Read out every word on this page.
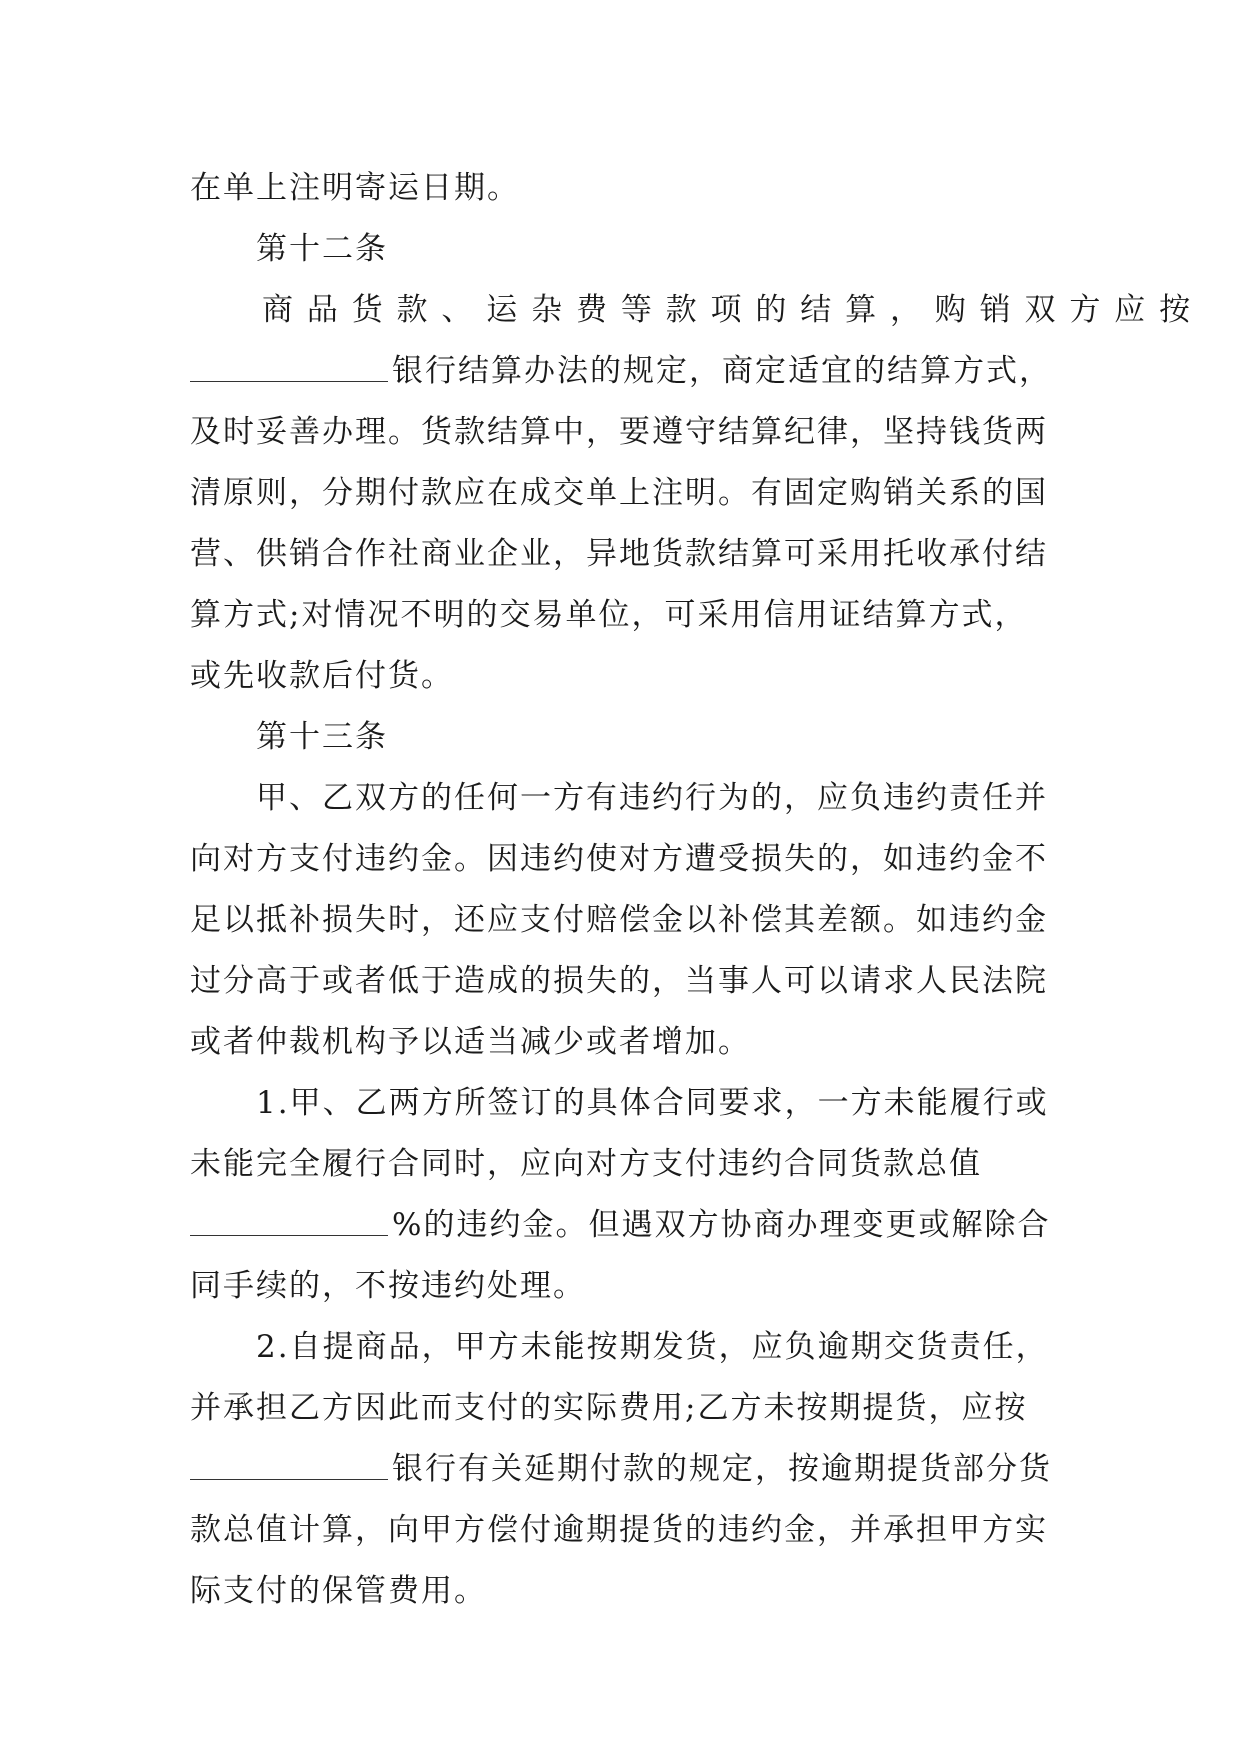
在单上注明寄运日期。
第十二条
商 品 货 款 、 运 杂 费 等 款 项 的 结 算 ， 购 销 双 方 应 按
银行结算办法的规定，商定适宜的结算方式，
及时妥善办理。货款结算中，要遵守结算纪律，坚持钱货两
清原则，分期付款应在成交单上注明。有固定购销关系的国
营、供销合作社商业企业，异地货款结算可采用托收承付结
算方式;对情况不明的交易单位，可采用信用证结算方式，
或先收款后付货。
第十三条
甲、乙双方的任何一方有违约行为的，应负违约责任并
向对方支付违约金。因违约使对方遭受损失的，如违约金不
足以抵补损失时，还应支付赔偿金以补偿其差额。如违约金
过分高于或者低于造成的损失的，当事人可以请求人民法院
或者仲裁机构予以适当减少或者增加。
1.甲、乙两方所签订的具体合同要求，一方未能履行或
未能完全履行合同时，应向对方支付违约合同货款总值
%的违约金。但遇双方协商办理变更或解除合
同手续的，不按违约处理。
2.自提商品，甲方未能按期发货，应负逾期交货责任，
并承担乙方因此而支付的实际费用;乙方未按期提货，应按
银行有关延期付款的规定，按逾期提货部分货
款总值计算，向甲方偿付逾期提货的违约金，并承担甲方实
际支付的保管费用。
